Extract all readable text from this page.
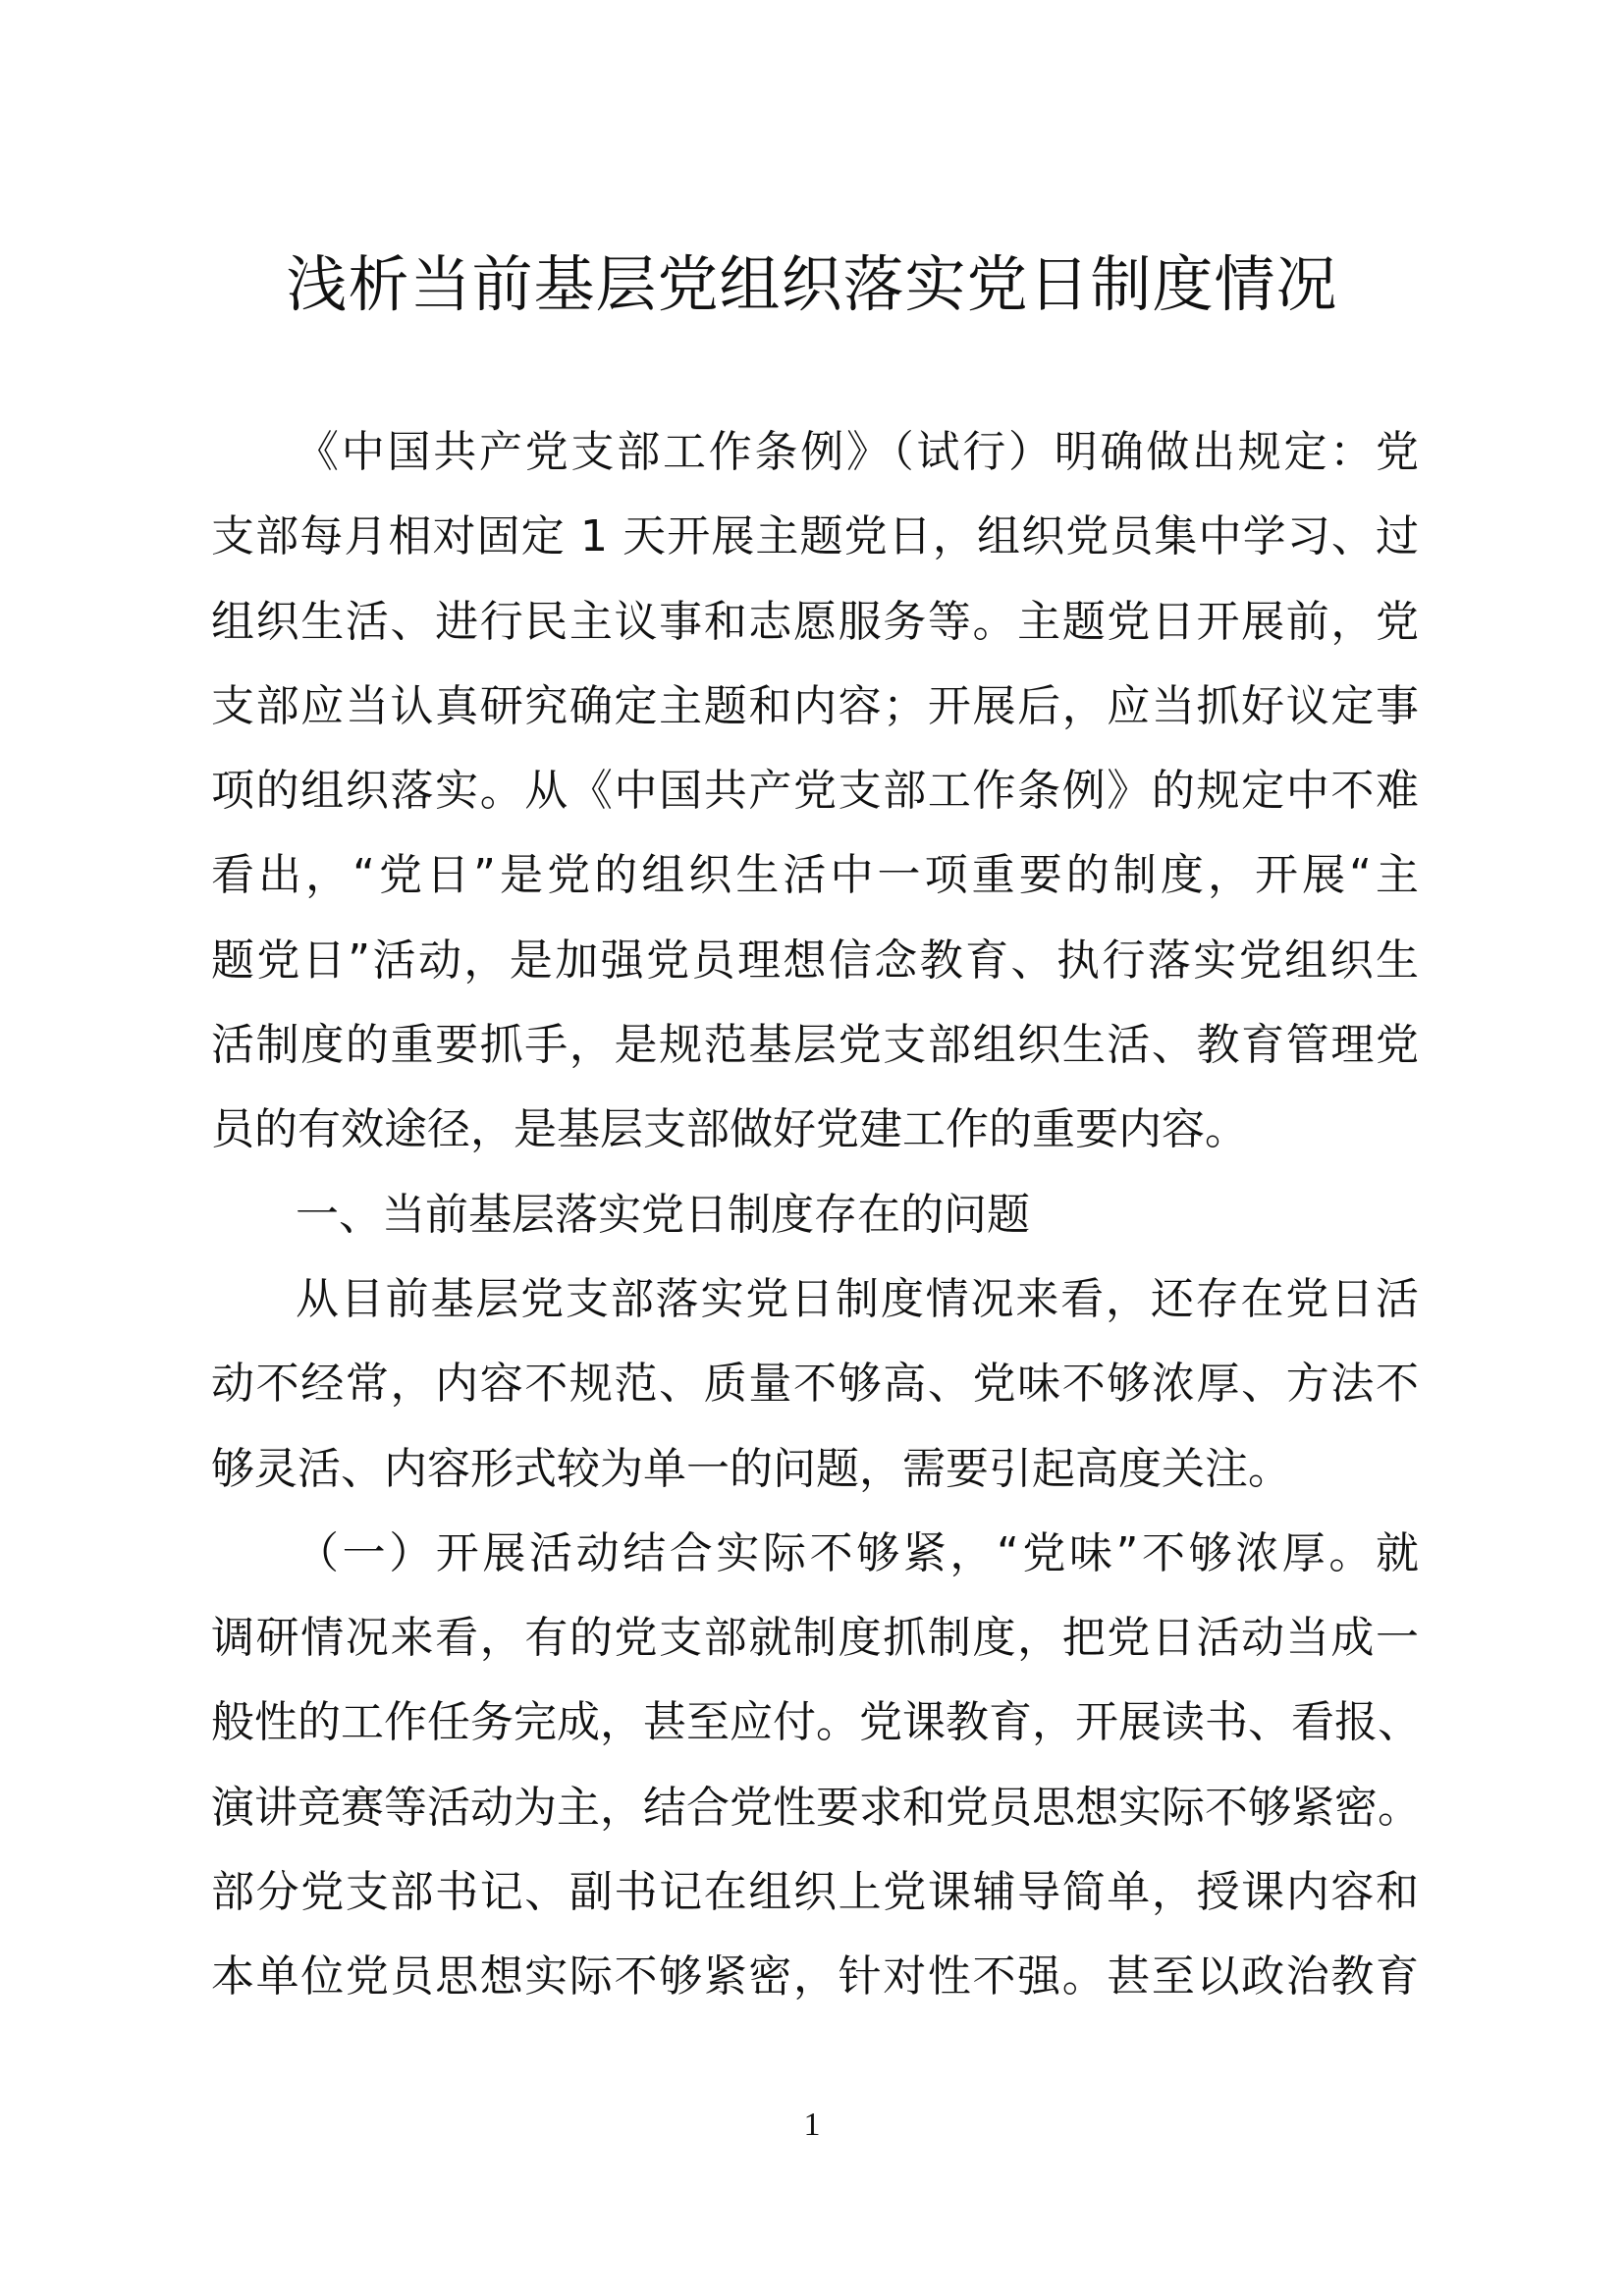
浅析当前基层党组织落实党日制度情况
《中国共产党支部工作条例》（试行）明确做出规定：党
支部每月相对固定 1 天开展主题党日，组织党员集中学习、过
组织生活、进行民主议事和志愿服务等。主题党日开展前，党
支部应当认真研究确定主题和内容；开展后，应当抓好议定事
项的组织落实。从《中国共产党支部工作条例》的规定中不难
看出，“党日”是党的组织生活中一项重要的制度，开展“主
题党日”活动，是加强党员理想信念教育、执行落实党组织生
活制度的重要抓手，是规范基层党支部组织生活、教育管理党
员的有效途径，是基层支部做好党建工作的重要内容。
一、当前基层落实党日制度存在的问题
从目前基层党支部落实党日制度情况来看，还存在党日活
动不经常，内容不规范、质量不够高、党味不够浓厚、方法不
够灵活、内容形式较为单一的问题，需要引起高度关注。
（一）开展活动结合实际不够紧，“党味”不够浓厚。就
调研情况来看，有的党支部就制度抓制度，把党日活动当成一
般性的工作任务完成，甚至应付。党课教育，开展读书、看报、
演讲竞赛等活动为主，结合党性要求和党员思想实际不够紧密。
部分党支部书记、副书记在组织上党课辅导简单，授课内容和
本单位党员思想实际不够紧密，针对性不强。甚至以政治教育
1
